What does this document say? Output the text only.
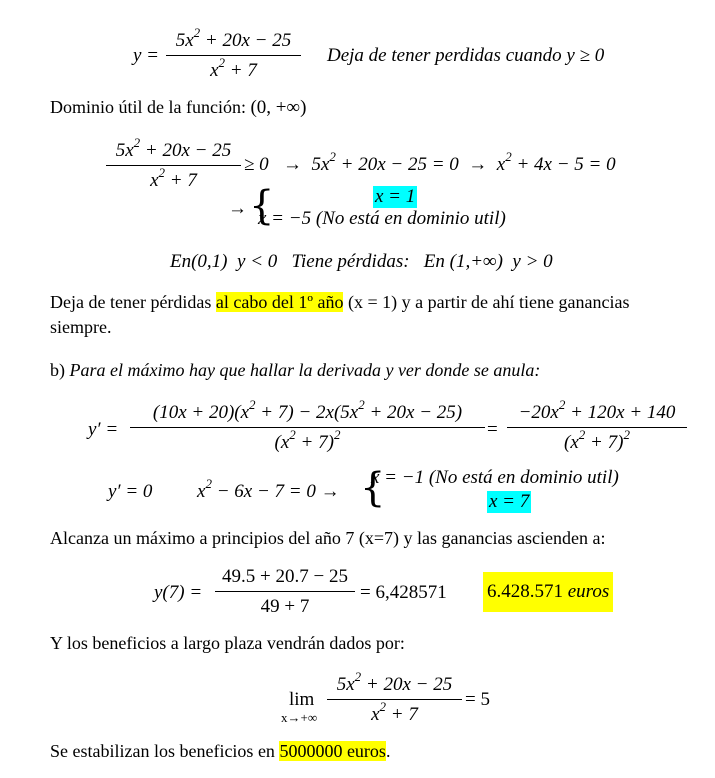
y =
$5x^2 + 20x - 25$
$x^2 + 7$
Deja de tener perdidas cuando y ≥ 0
Dominio útil de la función: (0, +∞)
$5x^2 + 20x - 25$
$x^2 + 7$
≥ $0 \to 5x^2 + 20x - 25 = 0 \to x^2 + 4x - 5 = 0$
→ {	x = 1
x = −5 (No está en dominio util)
En(0,1)  y < 0   Tiene pérdidas:   En (1,+∞)  y > 0
Deja de tener pérdidas al cabo del 1º año (x = 1) y a partir de ahí tiene ganancias
siempre.
b) Para el máximo hay que hallar la derivada y ver donde se anula:
y′ =
$(10x + 20)(x^2 + 7) - 2x(5x^2 + 20x - 25)$
$(x^2 + 7)^2$	=
$-20x^2 + 120x + 140$
$(x^2 + 7)^2$
y′ = 0 $x^2 - 6x - 7 = 0$ → {
x = −1 (No está en dominio util)
x = 7
Alcanza un máximo a principios del año 7 (x=7) y las ganancias ascienden a:
y(7) =
49.5 + 20.7 − 25
49 + 7
= 6,428571 6.428.571 euros
Y los beneficios a largo plaza vendrán dados por:
lim
x→+∞
$5x^2 + 20x - 25$
$x^2 + 7$
= 5
Se estabilizan los beneficios en 5000000 euros.
